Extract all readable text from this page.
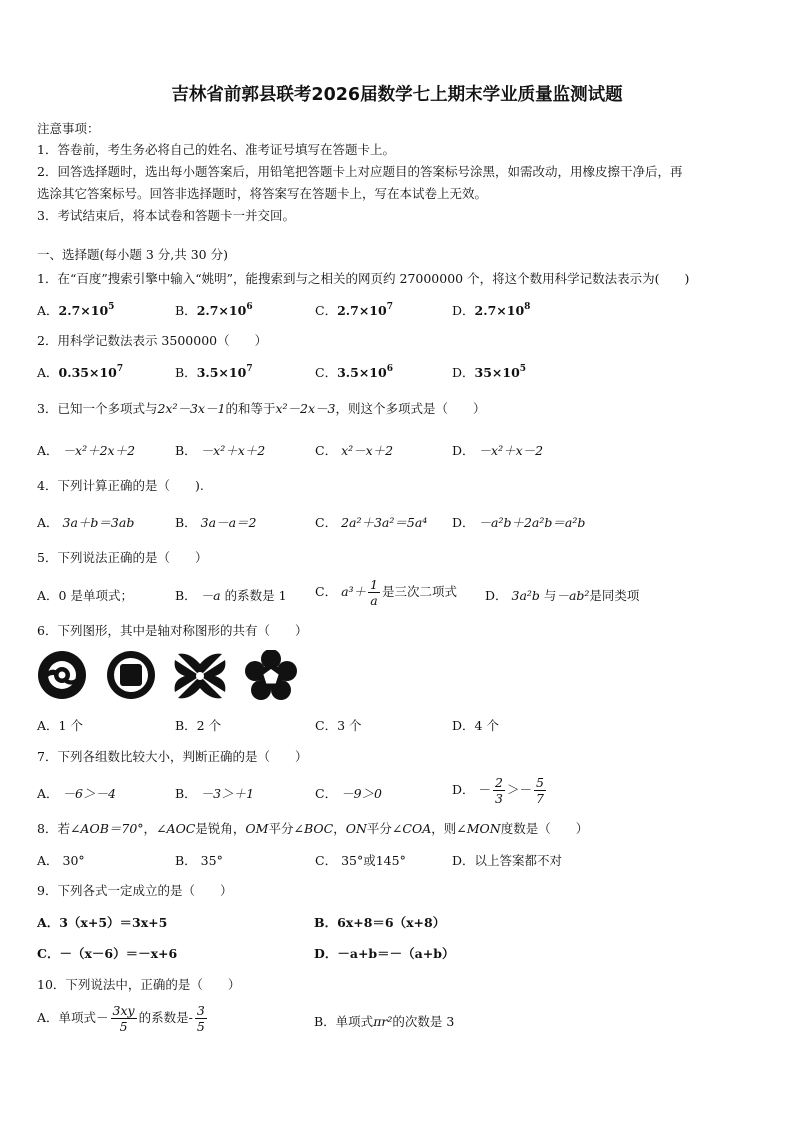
吉林省前郭县联考2026届数学七上期末学业质量监测试题
注意事项：
1．答卷前，考生务必将自己的姓名、准考证号填写在答题卡上。
2．回答选择题时，选出每小题答案后，用铅笔把答题卡上对应题目的答案标号涂黑，如需改动，用橡皮擦干净后，再
选涂其它答案标号。回答非选择题时，将答案写在答题卡上，写在本试卷上无效。
3．考试结束后，将本试卷和答题卡一并交回。
一、选择题(每小题 3 分,共 30 分)
1．在“百度”搜索引擎中输入“姚明”，能搜索到与之相关的网页约 27000000 个，将这个数用科学记数法表示为(　　)
A．$2.7\times 10^5$	B．$2.7\times 10^6$	C．$2.7\times 10^7$	D．$2.7\times 10^8$
2．用科学记数法表示 3500000（　　）
A．$0.35\times 10^7$	B．$3.5\times 10^7$	C．$3.5\times 10^6$	D．$35\times 10^5$
3．已知一个多项式与2x²－3x－1的和等于x²－2x－3，则这个多项式是（　　）
A． －x²＋2x＋2	B． －x²＋x＋2	C． x²－x＋2	D． －x²＋x－2
4．下列计算正确的是（　　).
A． 3a＋b＝3ab	B． 3a－a＝2	C． 2a²＋3a²＝5a⁴ D． －a²b＋2a²b＝a²b
5．下列说法正确的是（　　）
A．0 是单项式；	B． －a 的系数是 1 C． $a^3+ \frac{1}{a}$ 是三次二项式 D． 3a²b 与－ab²是同类项
6．下列图形，其中是轴对称图形的共有（　　）
A．1 个	B．2 个	C．3 个	D．4 个
7．下列各组数比较大小，判断正确的是（　　）
A． －6＞－4	B． －3＞＋1	C． －9＞0	D． － $\frac{2}{3} >- \frac{5}{7}$
8．若∠AOB＝70°，∠AOC是锐角，OM平分∠BOC，ON平分∠COA，则∠MON度数是（　　）
A． 30°	B． 35°	C． 35°或145°	D．以上答案都不对
9．下列各式一定成立的是（　　）
A．3（x+5）＝3x+5	B．6x+8＝6（x+8）
C．－（x－6）＝－x+6	D．－a+b＝－（a+b）
10．下列说法中，正确的是（　　）
A．单项式－ $\frac{3xy}{5}$ 的系数是- $\frac{3}{5}$	B．单项式πr²的次数是 3
